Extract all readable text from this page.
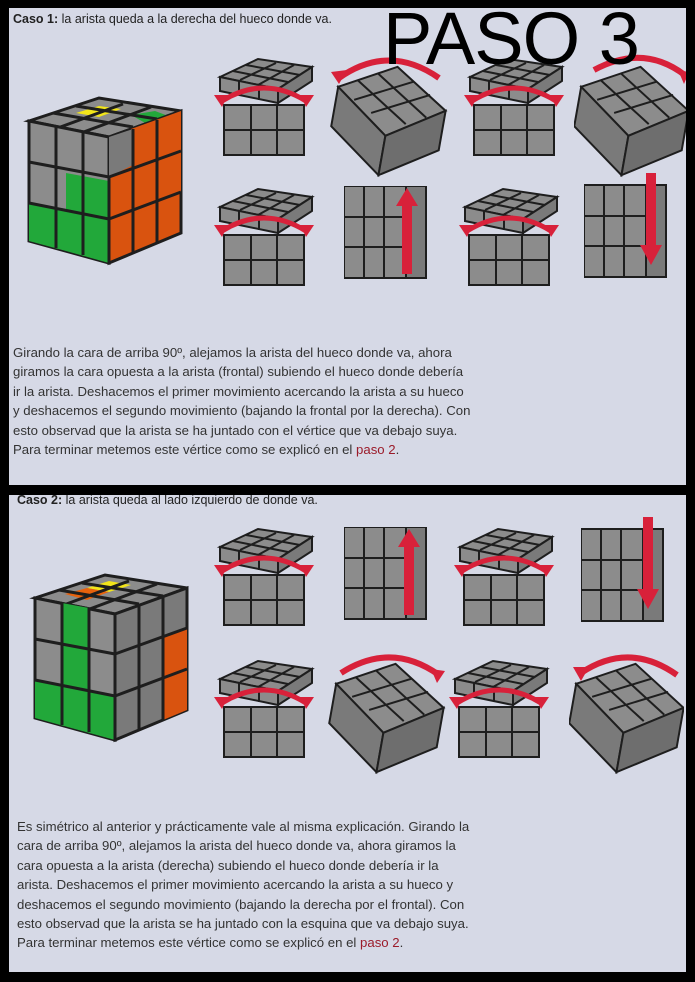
Caso 1: la arista queda a la derecha del hueco donde va.
Girando la cara de arriba 90º, alejamos la arista del hueco donde va, ahora giramos la cara opuesta a la arista (frontal) subiendo el hueco donde debería ir la arista. Deshacemos el primer movimiento acercando la arista a su hueco y deshacemos el segundo movimiento (bajando la frontal por la derecha). Con esto observad que la arista se ha juntado con el vértice que va debajo suya. Para terminar metemos este vértice como se explicó en el paso 2.
Caso 2: la arista queda al lado izquierdo de donde va.
Es simétrico al anterior y prácticamente vale al misma explicación. Girando la cara de arriba 90º, alejamos la arista del hueco donde va, ahora giramos la cara opuesta a la arista (derecha) subiendo el hueco donde debería ir la arista. Deshacemos el primer movimiento acercando la arista a su hueco y deshacemos el segundo movimiento (bajando la derecha por el frontal). Con esto observad que la arista se ha juntado con la esquina que va debajo suya. Para terminar metemos este vértice como se explicó en el paso 2.
PASO 3
